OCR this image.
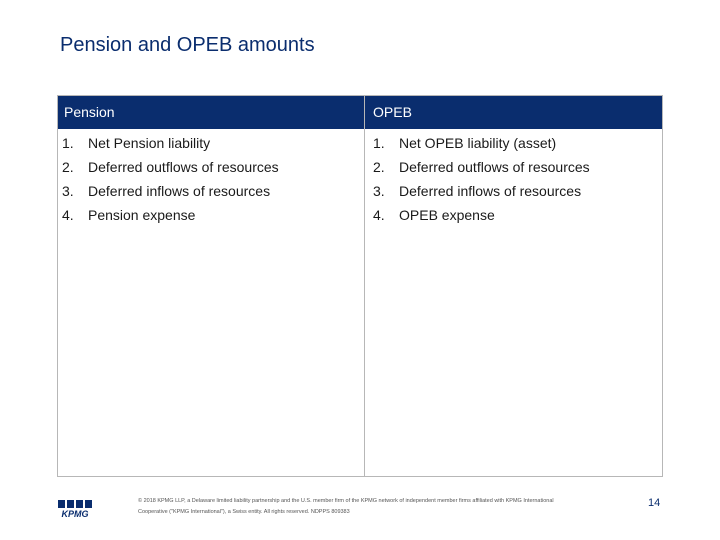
Pension and OPEB amounts
Pension
1. Net Pension liability
2. Deferred outflows of resources
3. Deferred inflows of resources
4. Pension expense
OPEB
1. Net OPEB liability (asset)
2. Deferred outflows of resources
3. Deferred inflows of resources
4. OPEB expense
KPMG
© 2018 KPMG LLP, a Delaware limited liability partnership and the U.S. member firm of the KPMG network of independent member firms affiliated with KPMG International
Cooperative ("KPMG International"), a Swiss entity. All rights reserved. NDPPS 809383
14
